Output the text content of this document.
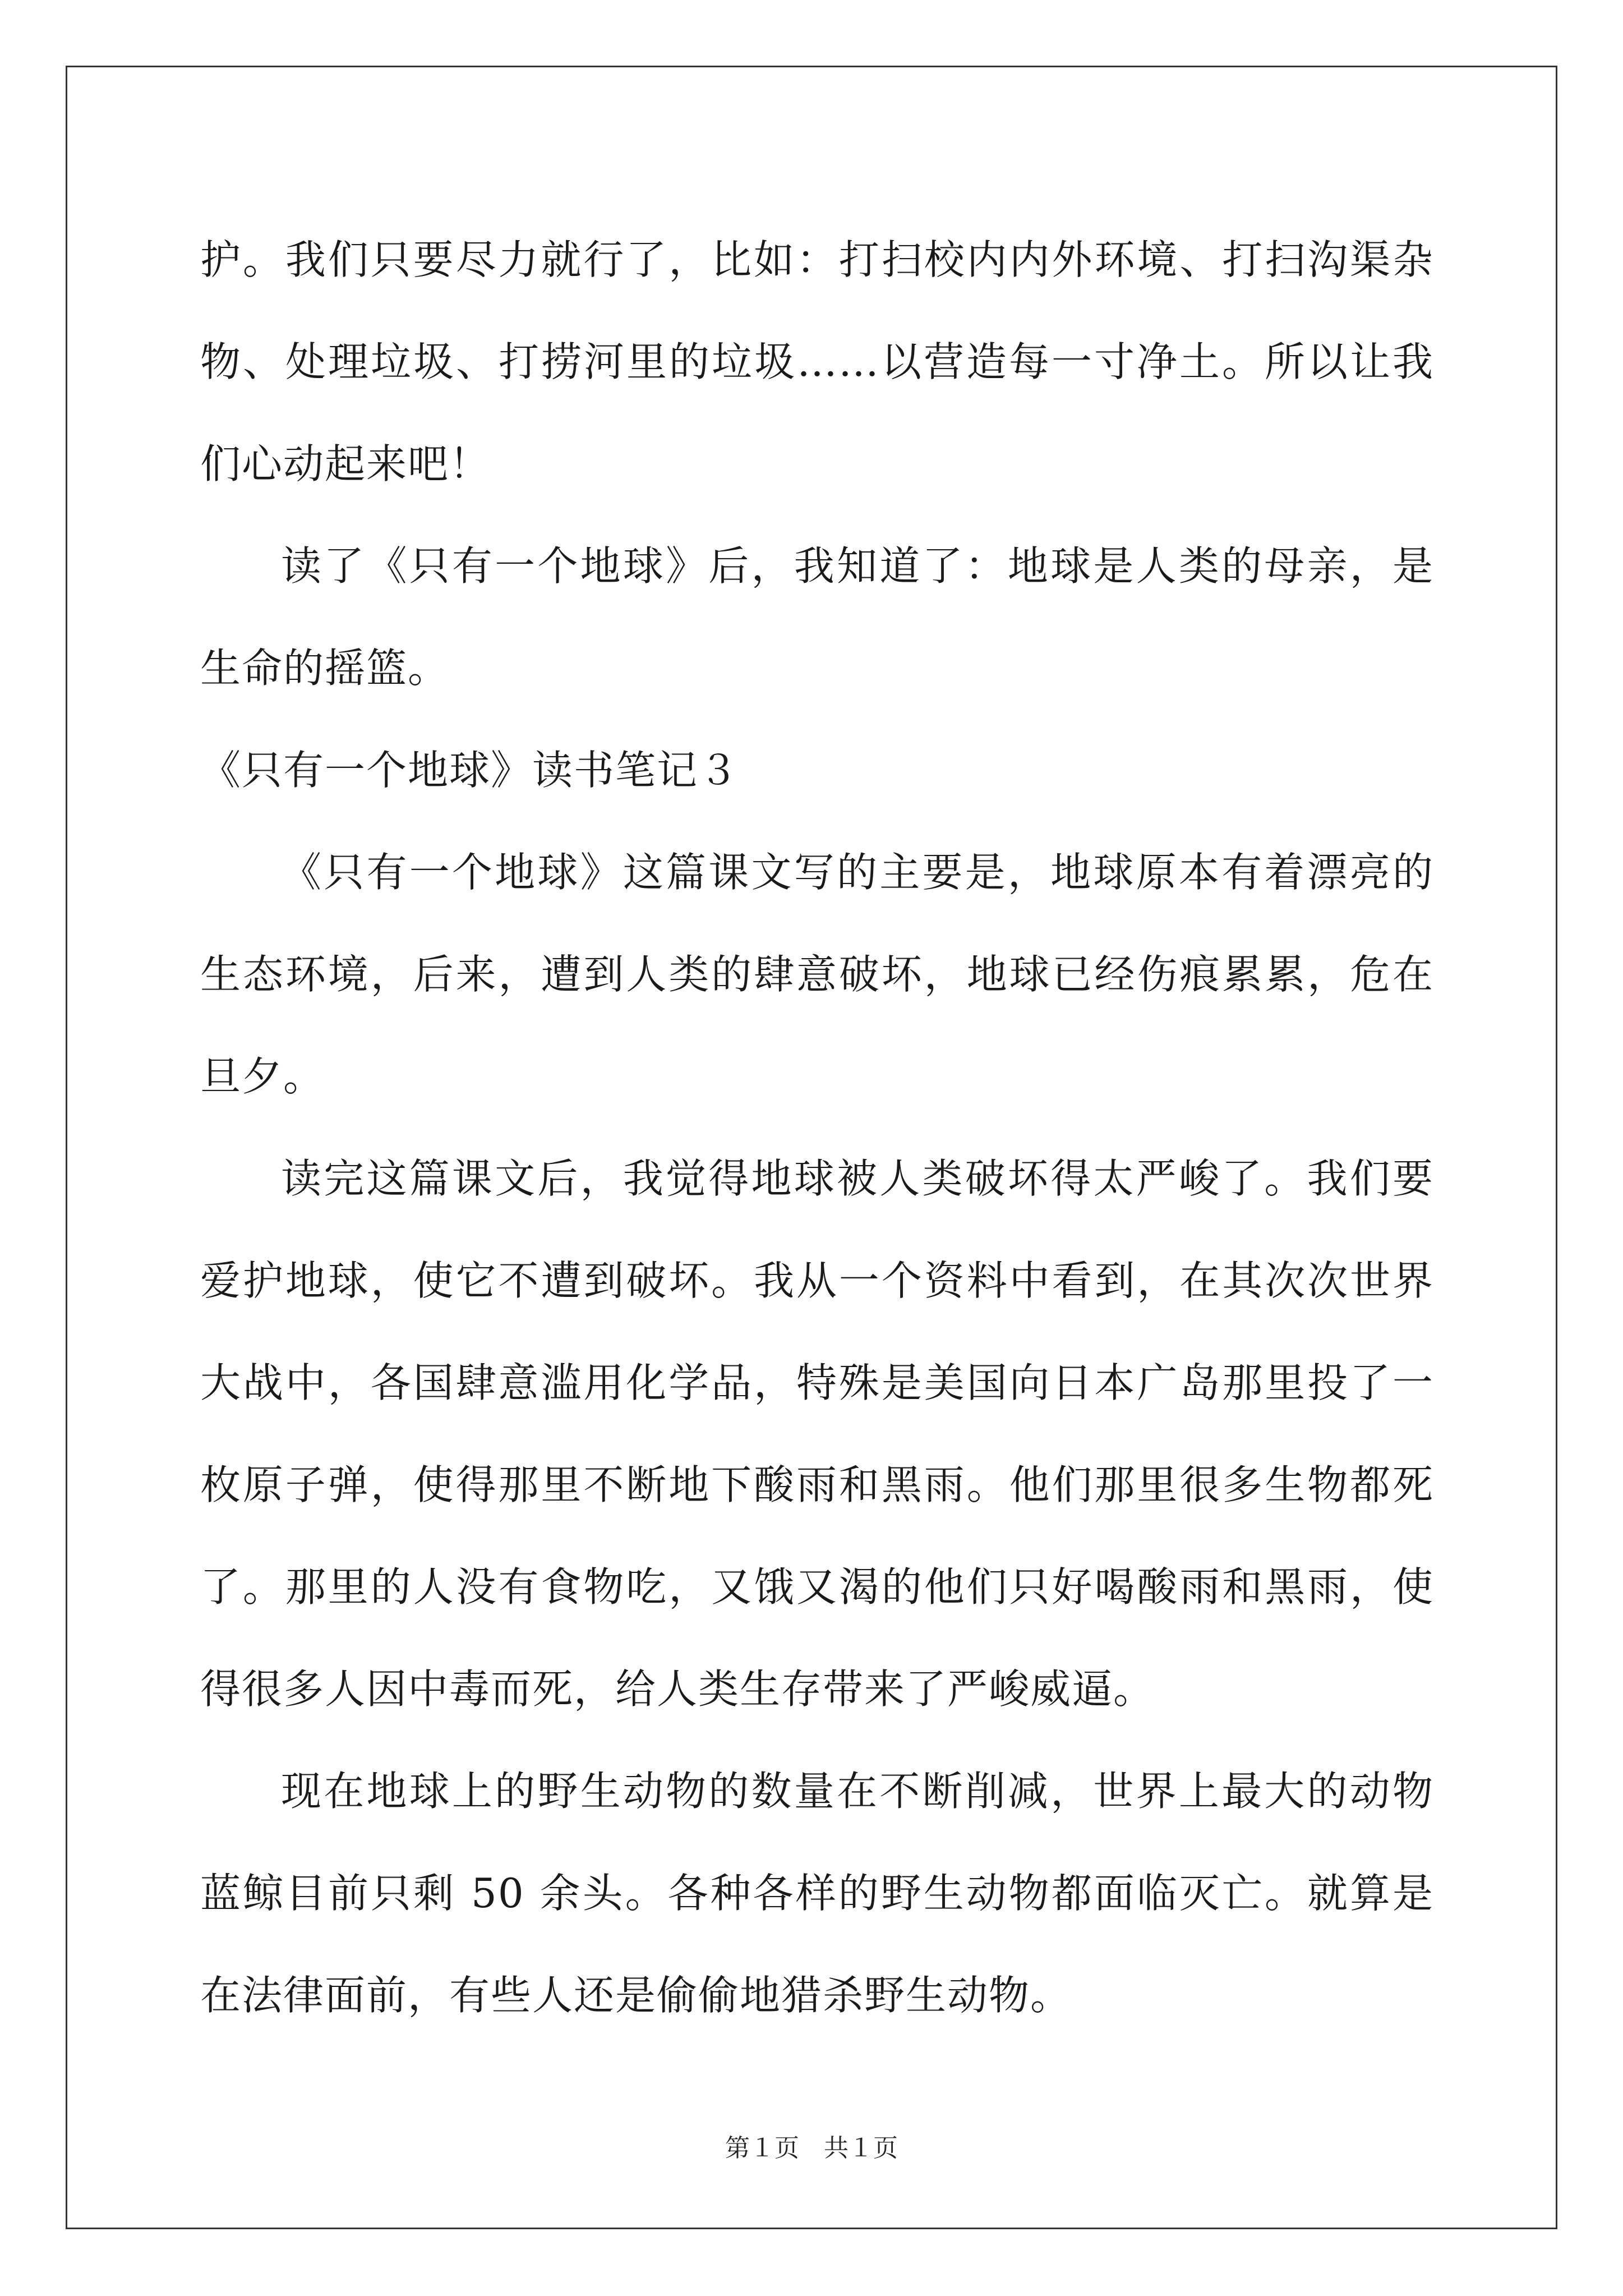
护。我们只要尽力就行了，比如：打扫校内内外环境、打扫沟渠杂物、处理垃圾、打捞河里的垃圾……以营造每一寸净土。所以让我们心动起来吧！

读了《只有一个地球》后，我知道了：地球是人类的母亲，是生命的摇篮。

《只有一个地球》读书笔记３

《只有一个地球》这篇课文写的主要是，地球原本有着漂亮的生态环境，后来，遭到人类的肆意破坏，地球已经伤痕累累，危在旦夕。

读完这篇课文后，我觉得地球被人类破坏得太严峻了。我们要爱护地球，使它不遭到破坏。我从一个资料中看到，在其次次世界大战中，各国肆意滥用化学品，特殊是美国向日本广岛那里投了一枚原子弹，使得那里不断地下酸雨和黑雨。他们那里很多生物都死了。那里的人没有食物吃，又饿又渴的他们只好喝酸雨和黑雨，使得很多人因中毒而死，给人类生存带来了严峻威逼。

现在地球上的野生动物的数量在不断削减，世界上最大的动物蓝鲸目前只剩 50 余头。各种各样的野生动物都面临灭亡。就算是在法律面前，有些人还是偷偷地猎杀野生动物。

第１页 共１页
